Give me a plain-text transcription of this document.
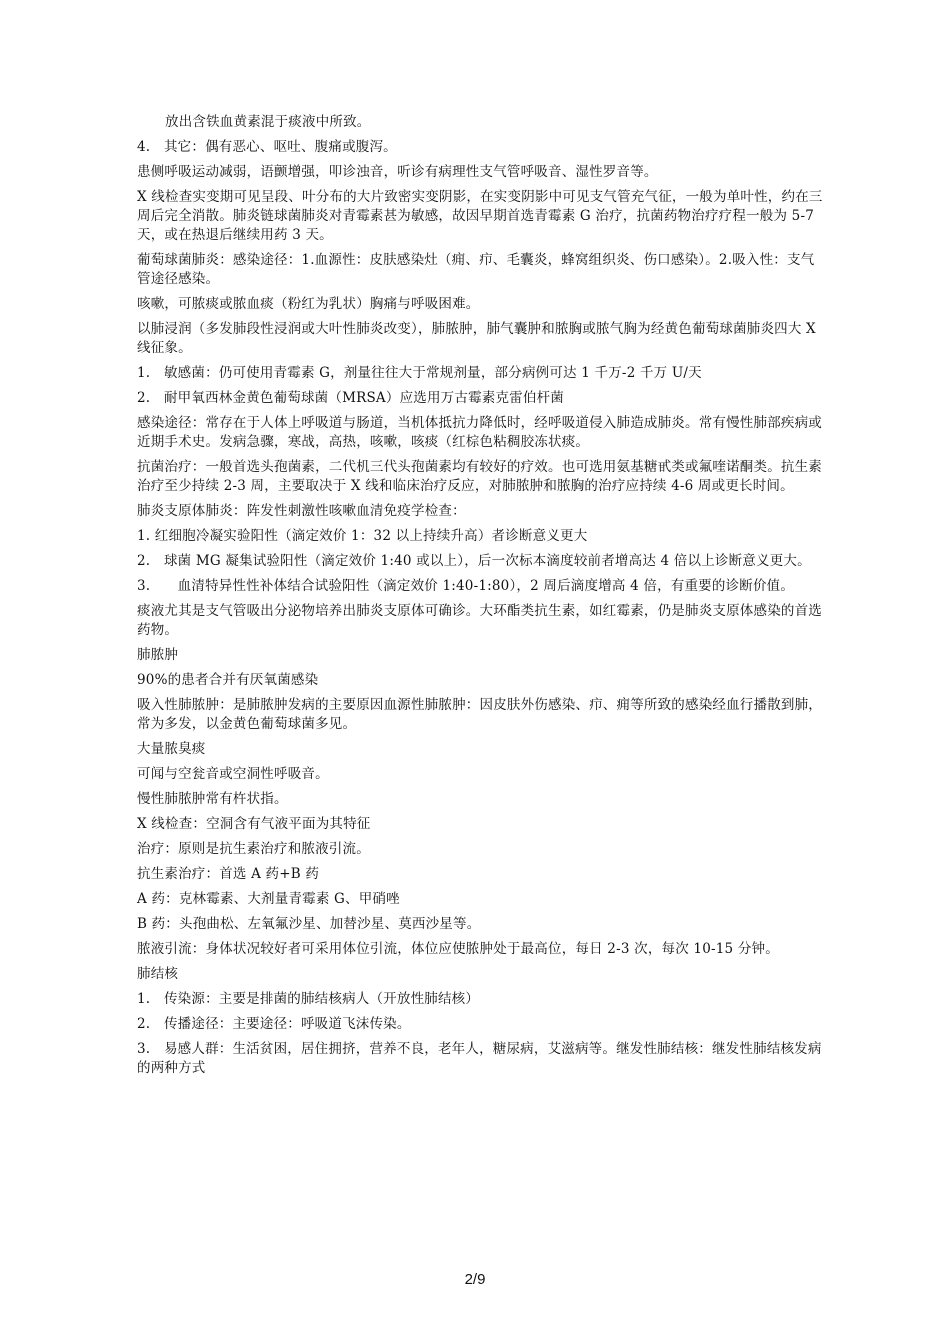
放出含铁血黄素混于痰液中所致。

4.　其它：偶有恶心、呕吐、腹痛或腹泻。

患侧呼吸运动减弱，语颤增强，叩诊浊音，听诊有病理性支气管呼吸音、湿性罗音等。

X 线检查实变期可见呈段、叶分布的大片致密实变阴影，在实变阴影中可见支气管充气征，一般为单叶性，约在三周后完全消散。肺炎链球菌肺炎对青霉素甚为敏感，故因早期首选青霉素 G 治疗，抗菌药物治疗疗程一般为 5-7 天，或在热退后继续用药 3 天。

葡萄球菌肺炎：感染途径：1.血源性：皮肤感染灶（痈、疖、毛囊炎，蜂窝组织炎、伤口感染）。2.吸入性：支气管途径感染。

咳嗽，可脓痰或脓血痰（粉红为乳状）胸痛与呼吸困难。

以肺浸润（多发肺段性浸润或大叶性肺炎改变），肺脓肿，肺气囊肿和脓胸或脓气胸为经黄色葡萄球菌肺炎四大 X 线征象。

1.　敏感菌：仍可使用青霉素 G，剂量往往大于常规剂量，部分病例可达 1 千万-2 千万 U/天

2.　耐甲氧西林金黄色葡萄球菌（MRSA）应选用万古霉素克雷伯杆菌

感染途径：常存在于人体上呼吸道与肠道，当机体抵抗力降低时，经呼吸道侵入肺造成肺炎。常有慢性肺部疾病或近期手术史。发病急骤，寒战，高热，咳嗽，咳痰（红棕色粘稠胶冻状痰。

抗菌治疗：一般首选头孢菌素，二代机三代头孢菌素均有较好的疗效。也可选用氨基糖甙类或氟喹诺酮类。抗生素治疗至少持续 2-3 周，主要取决于 X 线和临床治疗反应，对肺脓肿和脓胸的治疗应持续 4-6 周或更长时间。

肺炎支原体肺炎：阵发性刺激性咳嗽血清免疫学检查：

1. 红细胞冷凝实验阳性（滴定效价 1：32 以上持续升高）者诊断意义更大

2.　球菌 MG 凝集试验阳性（滴定效价 1:40 或以上），后一次标本滴度较前者增高达 4 倍以上诊断意义更大。

3.　　血清特异性性补体结合试验阳性（滴定效价 1:40-1:80），2 周后滴度增高 4 倍，有重要的诊断价值。

痰液尤其是支气管吸出分泌物培养出肺炎支原体可确诊。大环酯类抗生素，如红霉素，仍是肺炎支原体感染的首选药物。

肺脓肿

90%的患者合并有厌氧菌感染

吸入性肺脓肿：是肺脓肿发病的主要原因血源性肺脓肿：因皮肤外伤感染、疖、痈等所致的感染经血行播散到肺，常为多发，以金黄色葡萄球菌多见。

大量脓臭痰

可闻与空瓮音或空洞性呼吸音。

慢性肺脓肿常有杵状指。

X 线检查：空洞含有气液平面为其特征

治疗：原则是抗生素治疗和脓液引流。

抗生素治疗：首选 A 药+B 药

A 药：克林霉素、大剂量青霉素 G、甲硝唑

B 药：头孢曲松、左氧氟沙星、加替沙星、莫西沙星等。

脓液引流：身体状况较好者可采用体位引流，体位应使脓肿处于最高位，每日 2-3 次，每次 10-15 分钟。

肺结核

1.　传染源：主要是排菌的肺结核病人（开放性肺结核）

2.　传播途径：主要途径：呼吸道飞沫传染。

3.　易感人群：生活贫困，居住拥挤，营养不良，老年人，糖尿病，艾滋病等。继发性肺结核：继发性肺结核发病的两种方式

2/9
